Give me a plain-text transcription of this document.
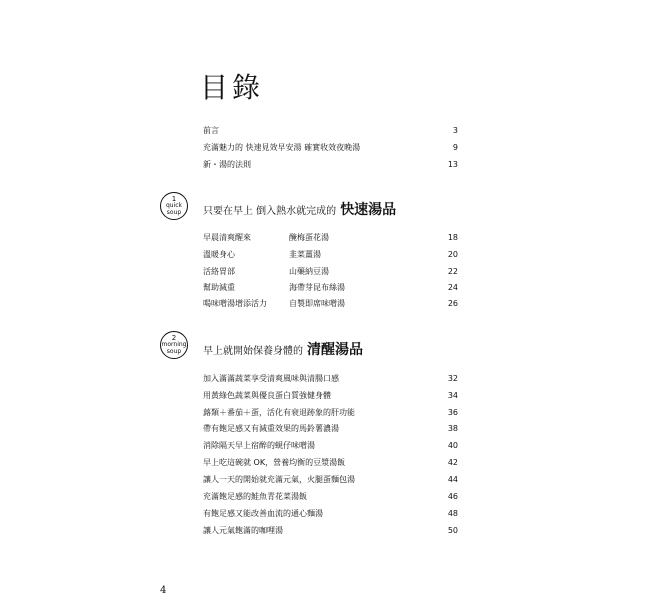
目錄
前言	3
充滿魅力的 快速見效早安湯 確實收效夜晚湯	9
新・湯的法則	13
1
quick
soup	只要在早上 倒入熱水就完成的 快速湯品
早晨清爽醒來	醃梅蛋花湯	18
溫暖身心	韭菜薑湯	20
活絡胃部	山藥納豆湯	22
幫助減重	海帶芽昆布絲湯	24
喝味噌湯增添活力	自製即席味噌湯	26
2
morning
soup	早上就開始保養身體的 清醒湯品
加入滿滿蔬菜享受清爽風味與清腸口感	32
用黃綠色蔬菜與優良蛋白質強健身體	34
蕗類＋番茄＋蛋，活化有衰退跡象的肝功能	36
帶有飽足感又有減重效果的馬鈴薯濃湯	38
消除隔天早上宿醉的蜆仔味噌湯	40
早上吃這碗就 OK，營養均衡的豆漿湯飯	42
讓人一天的開始就充滿元氣，火腿蛋麵包湯	44
充滿飽足感的鮭魚青花菜湯飯	46
有飽足感又能改善血流的通心麵湯	48
讓人元氣飽滿的咖哩湯	50
4
